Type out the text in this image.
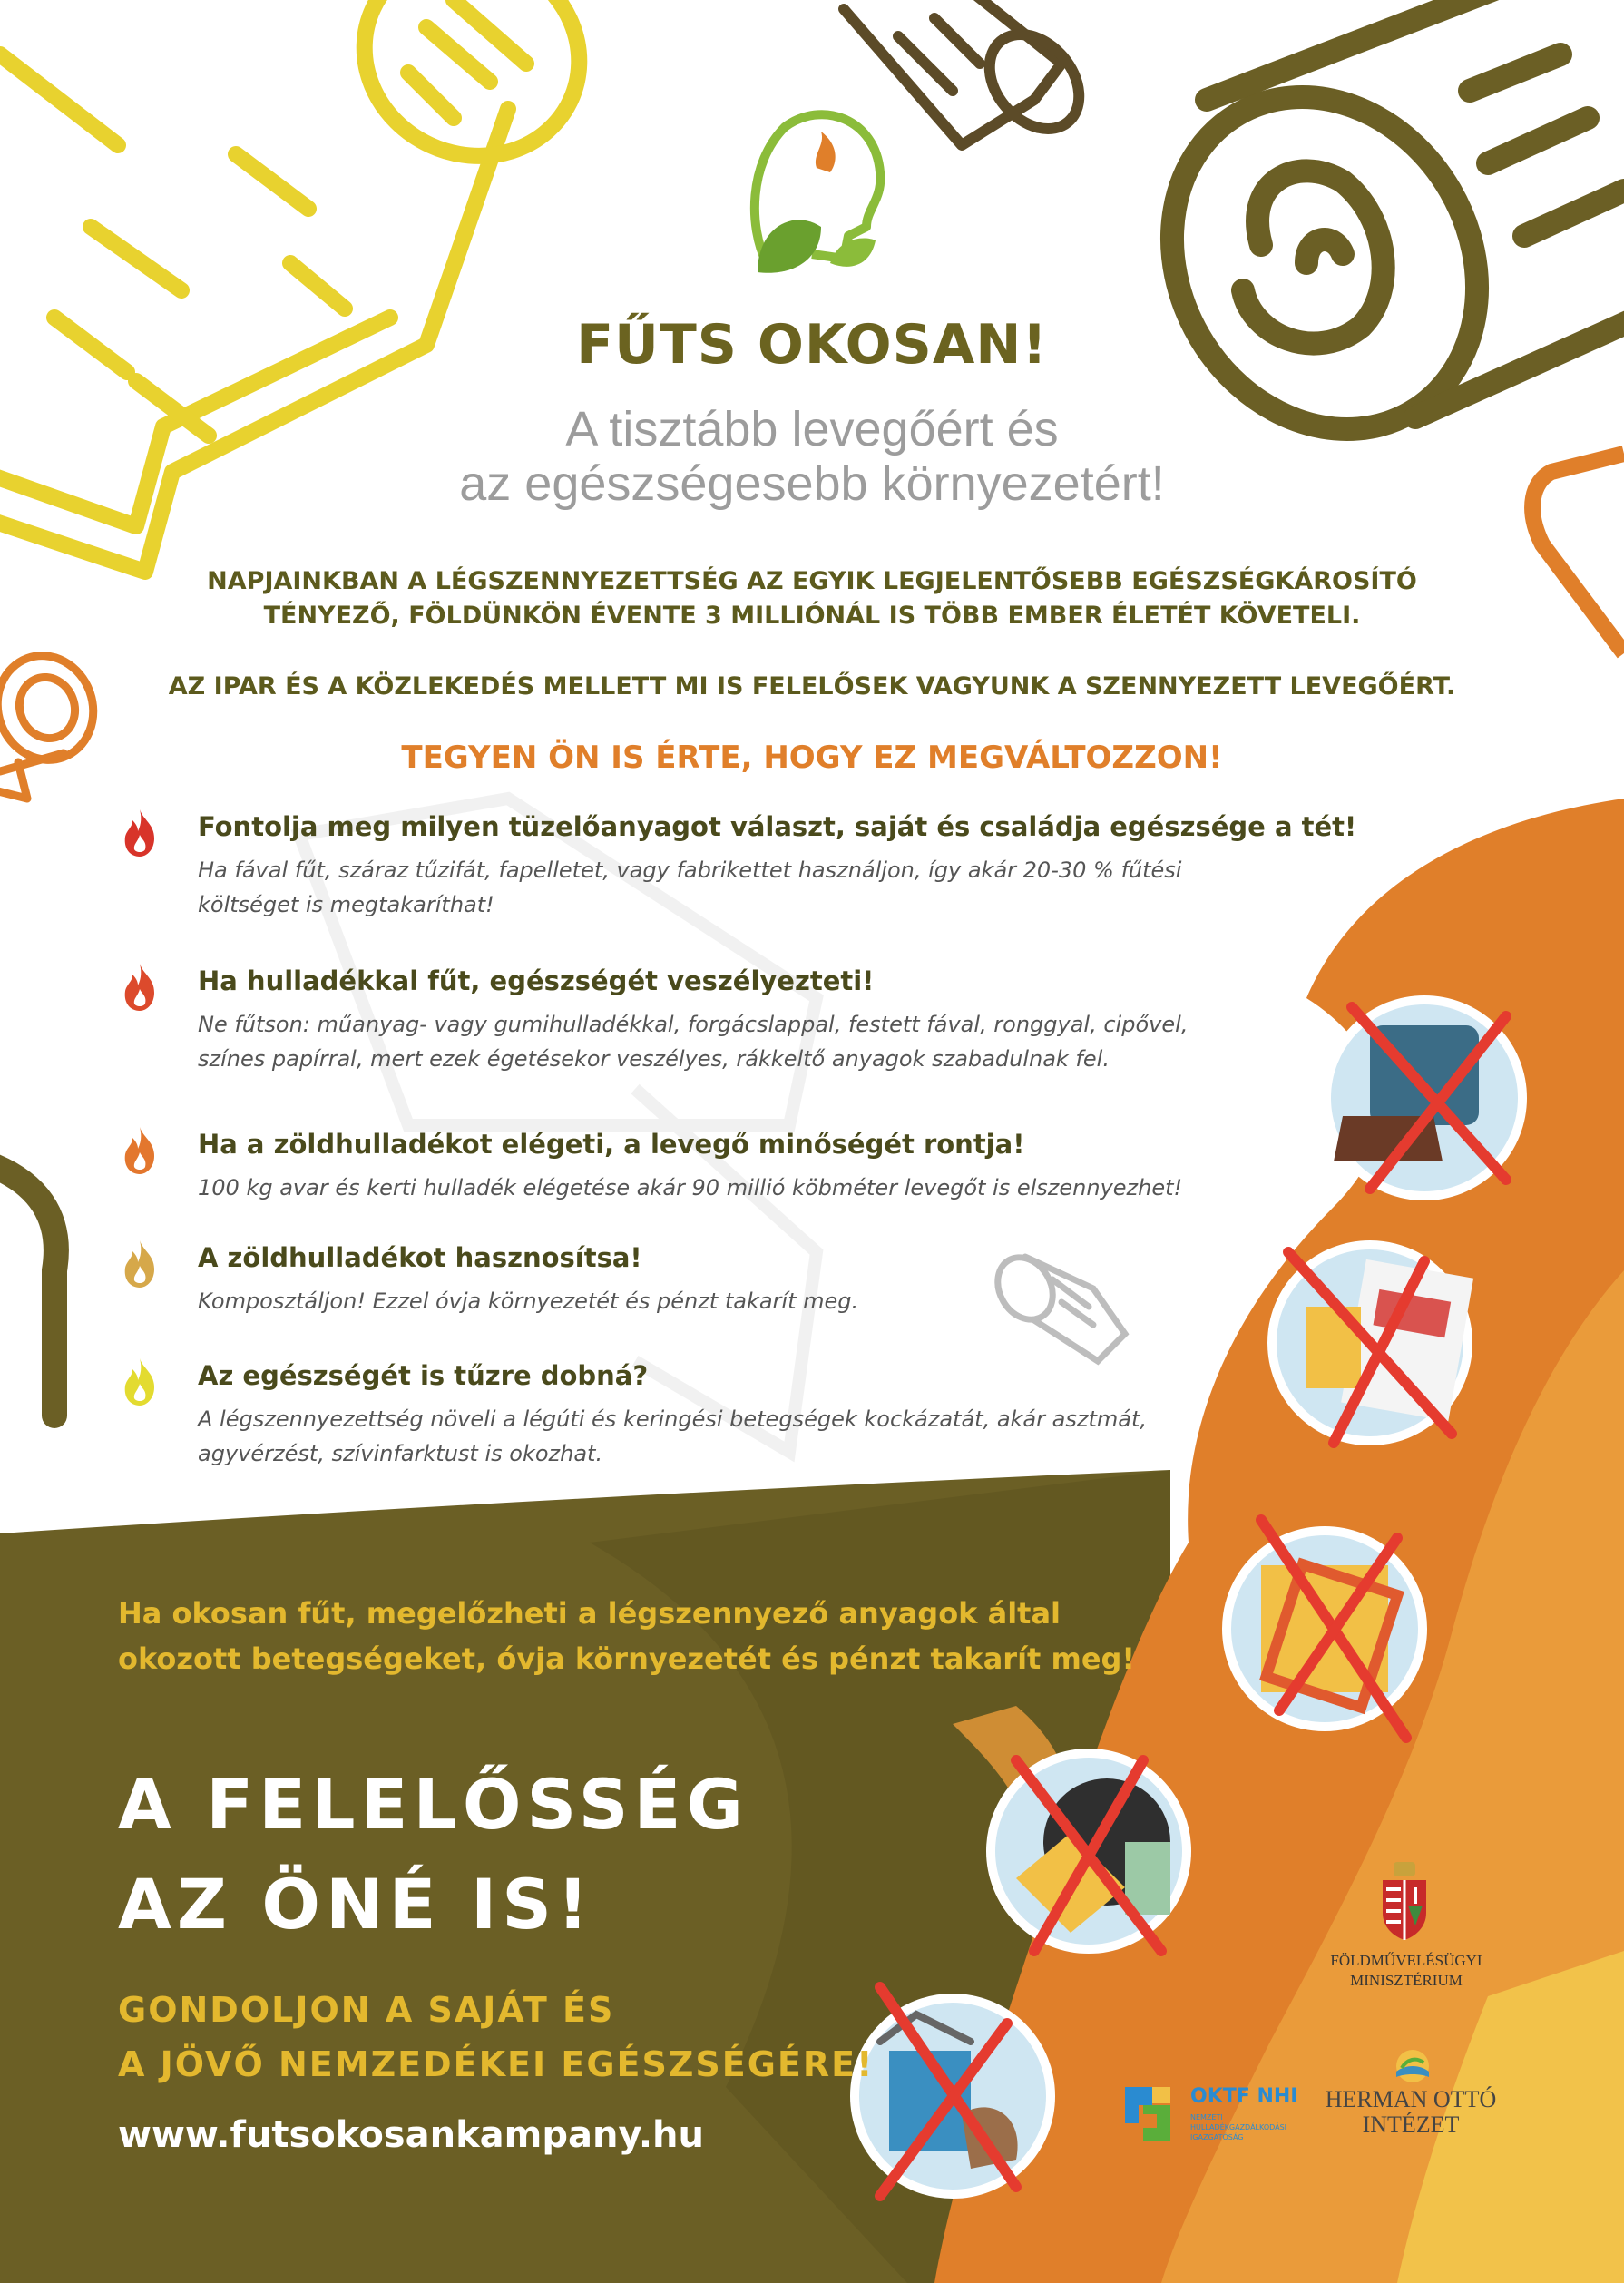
FŰTS OKOSAN!
A tisztább levegőért és
az egészségesebb környezetért!
NAPJAINKBAN A LÉGSZENNYEZETTSÉG AZ EGYIK LEGJELENTŐSEBB EGÉSZSÉGKÁROSÍTÓ
TÉNYEZŐ, FÖLDÜNKÖN ÉVENTE 3 MILLIÓNÁL IS TÖBB EMBER ÉLETÉT KÖVETELI.
AZ IPAR ÉS A KÖZLEKEDÉS MELLETT MI IS FELELŐSEK VAGYUNK A SZENNYEZETT LEVEGŐÉRT.
TEGYEN ÖN IS ÉRTE, HOGY EZ MEGVÁLTOZZON!
Fontolja meg milyen tüzelőanyagot választ, saját és családja egészsége a tét!
Ha fával fűt, száraz tűzifát, fapelletet, vagy fabrikettet használjon, így akár 20-30 % fűtési
költséget is megtakaríthat!
Ha hulladékkal fűt, egészségét veszélyezteti!
Ne fűtson: műanyag- vagy gumihulladékkal, forgácslappal, festett fával, ronggyal, cipővel,
színes papírral, mert ezek égetésekor veszélyes, rákkeltő anyagok szabadulnak fel.
Ha a zöldhulladékot elégeti, a levegő minőségét rontja!
100 kg avar és kerti hulladék elégetése akár 90 millió köbméter levegőt is elszennyezhet!
A zöldhulladékot hasznosítsa!
Komposztáljon! Ezzel óvja környezetét és pénzt takarít meg.
Az egészségét is tűzre dobná?
A légszennyezettség növeli a légúti és keringési betegségek kockázatát, akár asztmát,
agyvérzést, szívinfarktust is okozhat.
Ha okosan fűt, megelőzheti a légszennyező anyagok által
okozott betegségeket, óvja környezetét és pénzt takarít meg!
A FELELŐSSÉG
AZ ÖNÉ IS!
GONDOLJON A SAJÁT ÉS
A JÖVŐ NEMZEDÉKEI EGÉSZSÉGÉRE!
www.futsokosankampany.hu
FÖLDMŰVELÉSÜGYI
MINISZTÉRIUM
OKTF NHI
NEMZETI
HULLADÉKGAZDÁLKODÁSI
IGAZGATÓSÁG
HERMAN OTTÓ
INTÉZET
